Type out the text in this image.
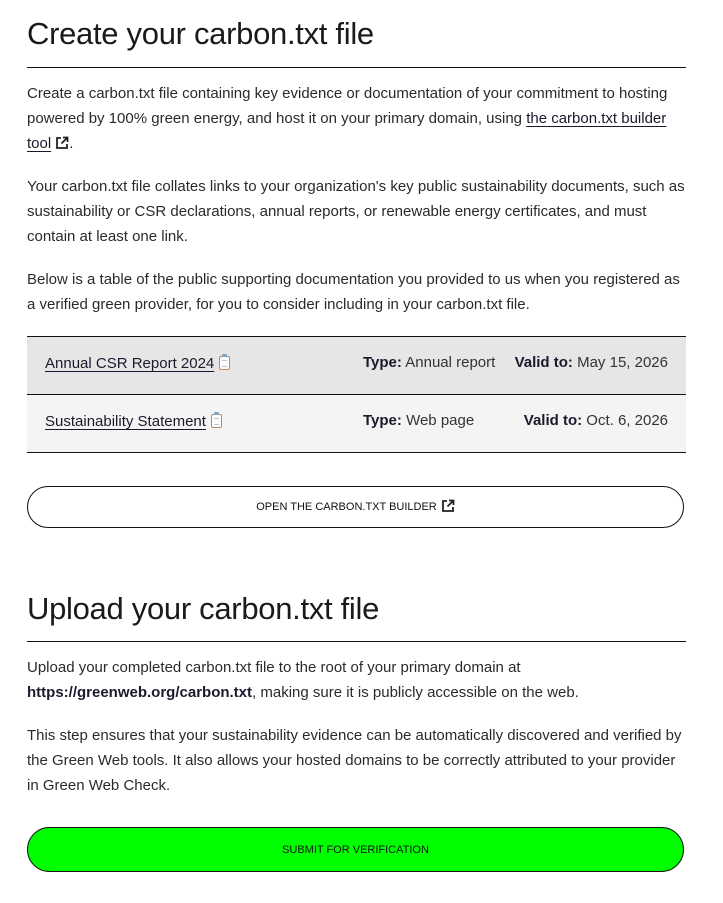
Create your carbon.txt file

Create a carbon.txt file containing key evidence or documentation of your commitment to hosting powered by 100% green energy, and host it on your primary domain, using the carbon.txt builder tool .

Your carbon.txt file collates links to your organization's key public sustainability documents, such as sustainability or CSR declarations, annual reports, or renewable energy certificates, and must contain at least one link.

Below is a table of the public supporting documentation you provided to us when you registered as a verified green provider, for you to consider including in your carbon.txt file.

Annual CSR Report 2024	Type: Annual report Valid to: May 15, 2026
Sustainability Statement	Type: Web page	Valid to: Oct. 6, 2026
OPEN THE CARBON.TXT BUILDER
Upload your carbon.txt file

Upload your completed carbon.txt file to the root of your primary domain at https://greenweb.org/carbon.txt, making sure it is publicly accessible on the web.

This step ensures that your sustainability evidence can be automatically discovered and verified by the Green Web tools. It also allows your hosted domains to be correctly attributed to your provider in Green Web Check.

SUBMIT FOR VERIFICATION
